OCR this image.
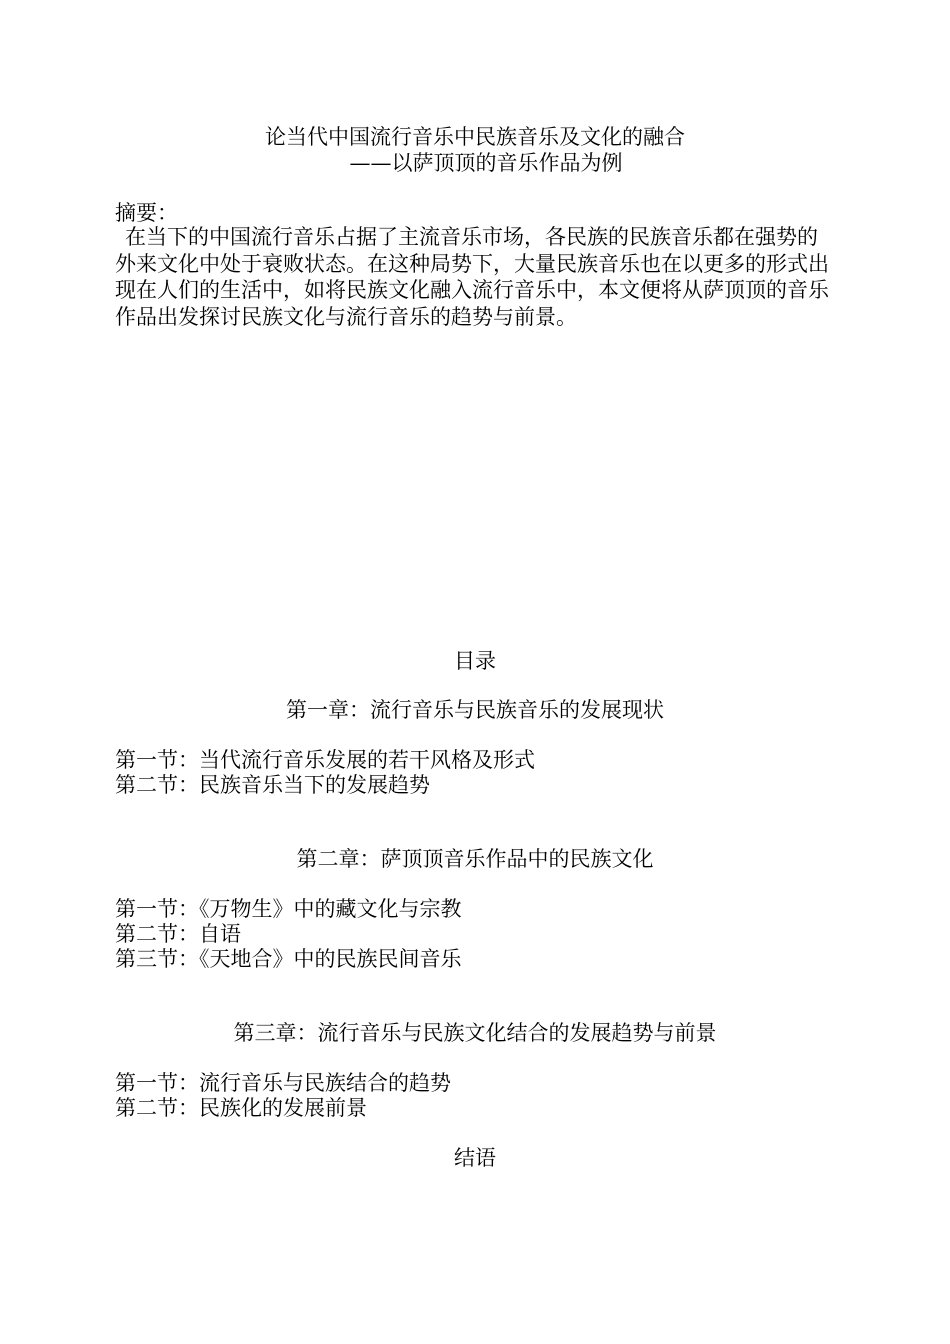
论当代中国流行音乐中民族音乐及文化的融合
——以萨顶顶的音乐作品为例
摘要：

在当下的中国流行音乐占据了主流音乐市场，各民族的民族音乐都在强势的外来文化中处于衰败状态。在这种局势下，大量民族音乐也在以更多的形式出现在人们的生活中，如将民族文化融入流行音乐中，本文便将从萨顶顶的音乐作品出发探讨民族文化与流行音乐的趋势与前景。

目录
第一章：流行音乐与民族音乐的发展现状
第一节：当代流行音乐发展的若干风格及形式
第二节：民族音乐当下的发展趋势
第二章：萨顶顶音乐作品中的民族文化
第一节：《万物生》中的藏文化与宗教
第二节：自语
第三节：《天地合》中的民族民间音乐
第三章：流行音乐与民族文化结合的发展趋势与前景
第一节：流行音乐与民族结合的趋势
第二节：民族化的发展前景
结语
